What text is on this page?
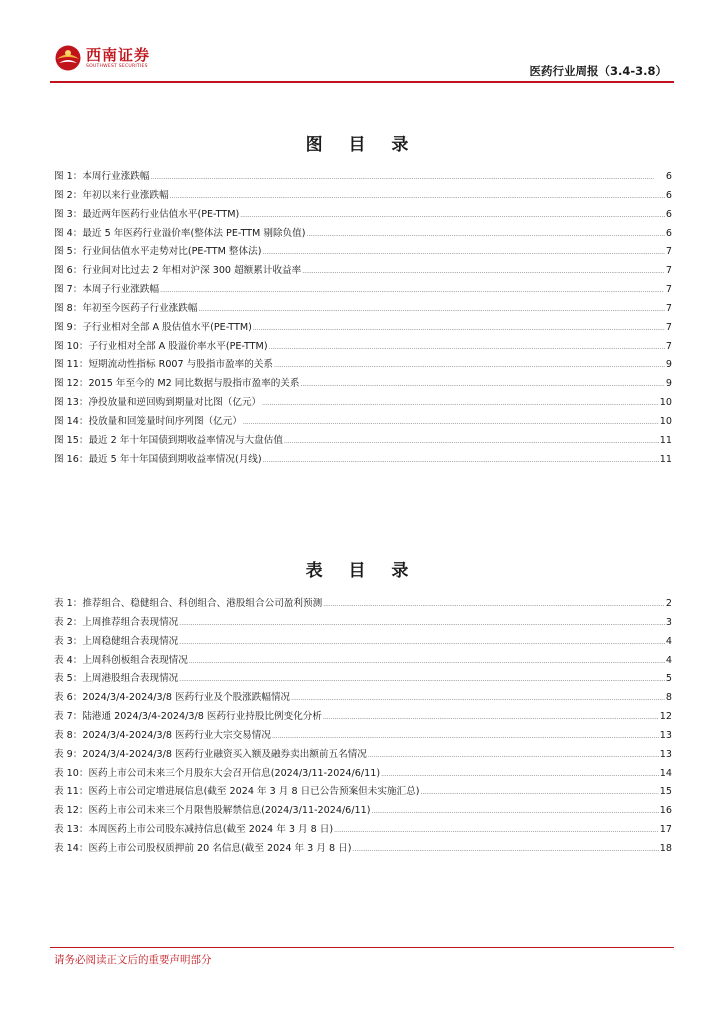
西南证券
SOUTHWEST SECURITIES	医药行业周报（3.4-3.8）
图 目 录
图 1：本周行业涨跌幅 .....	6
图 2：年初以来行业涨跌幅 .....	6
图 3：最近两年医药行业估值水平(PE-TTM) .....	6
图 4：最近 5 年医药行业溢价率(整体法 PE-TTM 剔除负值) .....	6
图 5：行业间估值水平走势对比(PE-TTM 整体法) .....	7
图 6：行业间对比过去 2 年相对沪深 300 超额累计收益率 .....	7
图 7：本周子行业涨跌幅 .....	7
图 8：年初至今医药子行业涨跌幅 .....	7
图 9：子行业相对全部 A 股估值水平(PE-TTM) .....	7
图 10：子行业相对全部 A 股溢价率水平(PE-TTM) .....	7
图 11：短期流动性指标 R007 与股指市盈率的关系 .....	9
图 12：2015 年至今的 M2 同比数据与股指市盈率的关系 .....	9
图 13：净投放量和逆回购到期量对比图（亿元） .....	10
图 14：投放量和回笼量时间序列图（亿元） .....	10
图 15：最近 2 年十年国债到期收益率情况与大盘估值 .....	11
图 16：最近 5 年十年国债到期收益率情况(月线) .....	11
表 目 录
表 1：推荐组合、稳健组合、科创组合、港股组合公司盈利预测 .....	2
表 2：上周推荐组合表现情况 .....	3
表 3：上周稳健组合表现情况 .....	4
表 4：上周科创板组合表现情况 .....	4
表 5：上周港股组合表现情况 .....	5
表 6：2024/3/4-2024/3/8 医药行业及个股涨跌幅情况 .....	8
表 7：陆港通 2024/3/4-2024/3/8 医药行业持股比例变化分析 .....	12
表 8：2024/3/4-2024/3/8 医药行业大宗交易情况 .....	13
表 9：2024/3/4-2024/3/8 医药行业融资买入额及融券卖出额前五名情况 .....	13
表 10：医药上市公司未来三个月股东大会召开信息(2024/3/11-2024/6/11) .....	14
表 11：医药上市公司定增进展信息(截至 2024 年 3 月 8 日已公告预案但未实施汇总) .....	15
表 12：医药上市公司未来三个月限售股解禁信息(2024/3/11-2024/6/11) .....	16
表 13：本周医药上市公司股东减持信息(截至 2024 年 3 月 8 日) .....	17
表 14：医药上市公司股权质押前 20 名信息(截至 2024 年 3 月 8 日) .....	18
请务必阅读正文后的重要声明部分
